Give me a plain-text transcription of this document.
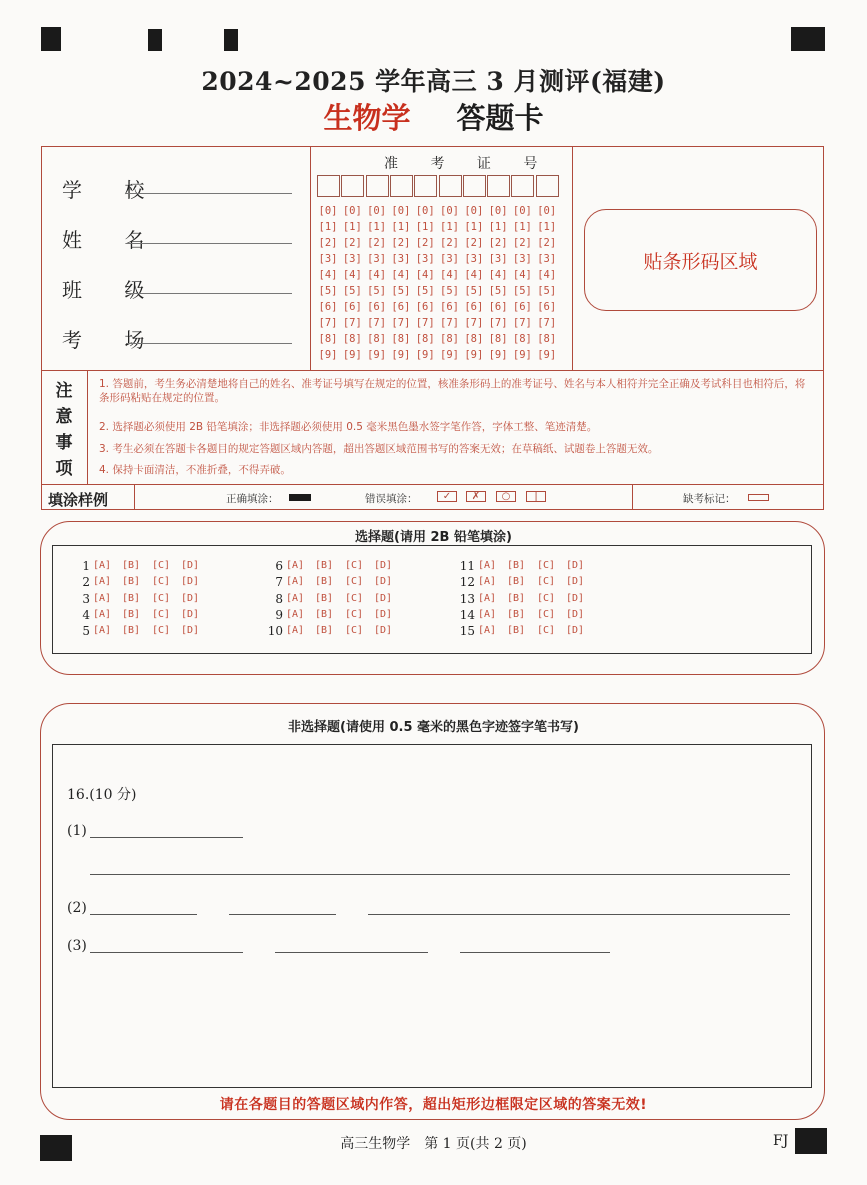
2024~2025 学年高三 3 月测评(福建)
生物学 答题卡
学 校
姓 名
班 级
考 场
准 考 证 号
[0] [0] [0] [0] [0] [0] [0] [0] [0] [0]
[1] [1] [1] [1] [1] [1] [1] [1] [1] [1]
[2] [2] [2] [2] [2] [2] [2] [2] [2] [2]
[3] [3] [3] [3] [3] [3] [3] [3] [3] [3]
[4] [4] [4] [4] [4] [4] [4] [4] [4] [4]
[5] [5] [5] [5] [5] [5] [5] [5] [5] [5]
[6] [6] [6] [6] [6] [6] [6] [6] [6] [6]
[7] [7] [7] [7] [7] [7] [7] [7] [7] [7]
[8] [8] [8] [8] [8] [8] [8] [8] [8] [8]
[9] [9] [9] [9] [9] [9] [9] [9] [9] [9]
贴条形码区域
注
意
事
项
1. 答题前，考生务必清楚地将自己的姓名、准考证号填写在规定的位置，核准条形码上的准考证号、姓名与本人相符并完全正确及考试科目也相符后，将条形码粘贴在规定的位置。
2. 选择题必须使用 2B 铅笔填涂；非选择题必须使用 0.5 毫米黑色墨水签字笔作答，字体工整、笔迹清楚。
3. 考生必须在答题卡各题目的规定答题区域内答题，超出答题区域范围书写的答案无效；在草稿纸、试题卷上答题无效。
4. 保持卡面清洁，不准折叠，不得弄破。
填涂样例	正确填涂：	错误填涂：	✓	✗	○	|	缺考标记：
选择题(请用 2B 铅笔填涂)
1 [A] [B] [C] [D]
2 [A] [B] [C] [D]
3 [A] [B] [C] [D]
4 [A] [B] [C] [D]
5 [A] [B] [C] [D]
6 [A] [B] [C] [D]
7 [A] [B] [C] [D]
8 [A] [B] [C] [D]
9 [A] [B] [C] [D]
10 [A] [B] [C] [D]
11 [A] [B] [C] [D]
12 [A] [B] [C] [D]
13 [A] [B] [C] [D]
14 [A] [B] [C] [D]
15 [A] [B] [C] [D]
非选择题(请使用 0.5 毫米的黑色字迹签字笔书写)
16.(10 分)
(1)
(2)
(3)
请在各题目的答题区域内作答，超出矩形边框限定区域的答案无效!
高三生物学　第 1 页(共 2 页)	FJ
